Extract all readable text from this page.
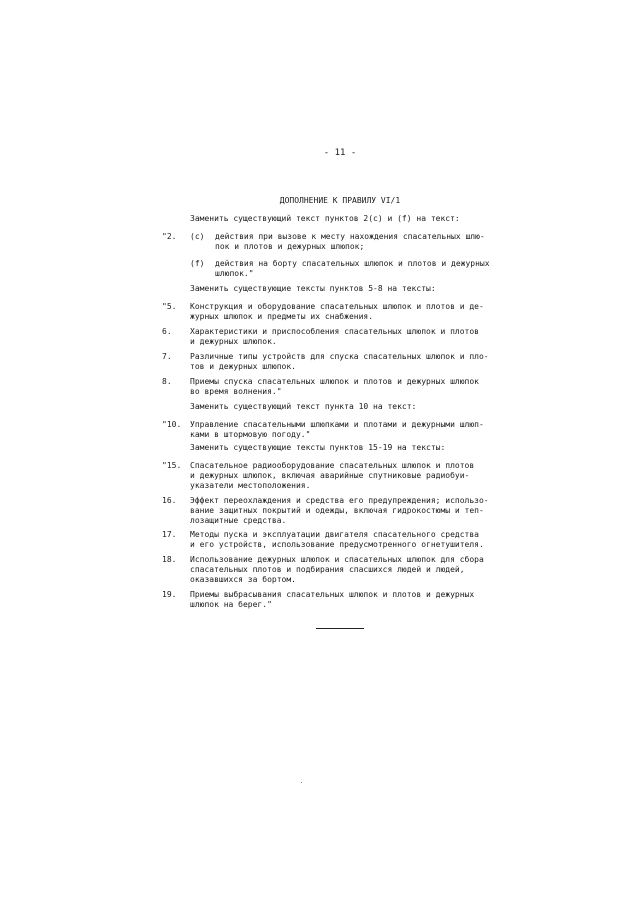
- 11 -
ДОПОЛНЕНИЕ К ПРАВИЛУ VI/1
Заменить существующий текст пунктов 2(с) и (f) на текст:
"2. (с) действия при вызове к месту нахождения спасательных шлю-
пок и плотов и дежурных шлюпок;
(f) действия на борту спасательных шлюпок и плотов и дежурных
шлюпок."
Заменить существующие тексты пунктов 5-8 на тексты:
"5. Конструкция и оборудование спасательных шлюпок и плотов и де-
журных шлюпок и предметы их снабжения.
6. Характеристики и приспособления спасательных шлюпок и плотов
и дежурных шлюпок.
7. Различные типы устройств для спуска спасательных шлюпок и пло-
тов и дежурных шлюпок.
8. Приемы спуска спасательных шлюпок и плотов и дежурных шлюпок
во время волнения."
Заменить существующий текст пункта 10 на текст:
"10. Управление спасательными шлюпками и плотами и дежурными шлюп-
ками в штормовую погоду."
Заменить существующие тексты пунктов 15-19 на тексты:
"15. Спасательное радиооборудование спасательных шлюпок и плотов
и дежурных шлюпок, включая аварийные спутниковые радиобуи-
указатели местоположения.
16. Эффект переохлаждения и средства его предупреждения; использо-
вание защитных покрытий и одежды, включая гидрокостюмы и теп-
лозащитные средства.
17. Методы пуска и эксплуатации двигателя спасательного средства
и его устройств, использование предусмотренного огнетушителя.
18. Использование дежурных шлюпок и спасательных шлюпок для сбора
спасательных плотов и подбирания спасшихся людей и людей,
оказавшихся за бортом.
19. Приемы выбрасывания спасательных шлюпок и плотов и дежурных
шлюпок на берег."
